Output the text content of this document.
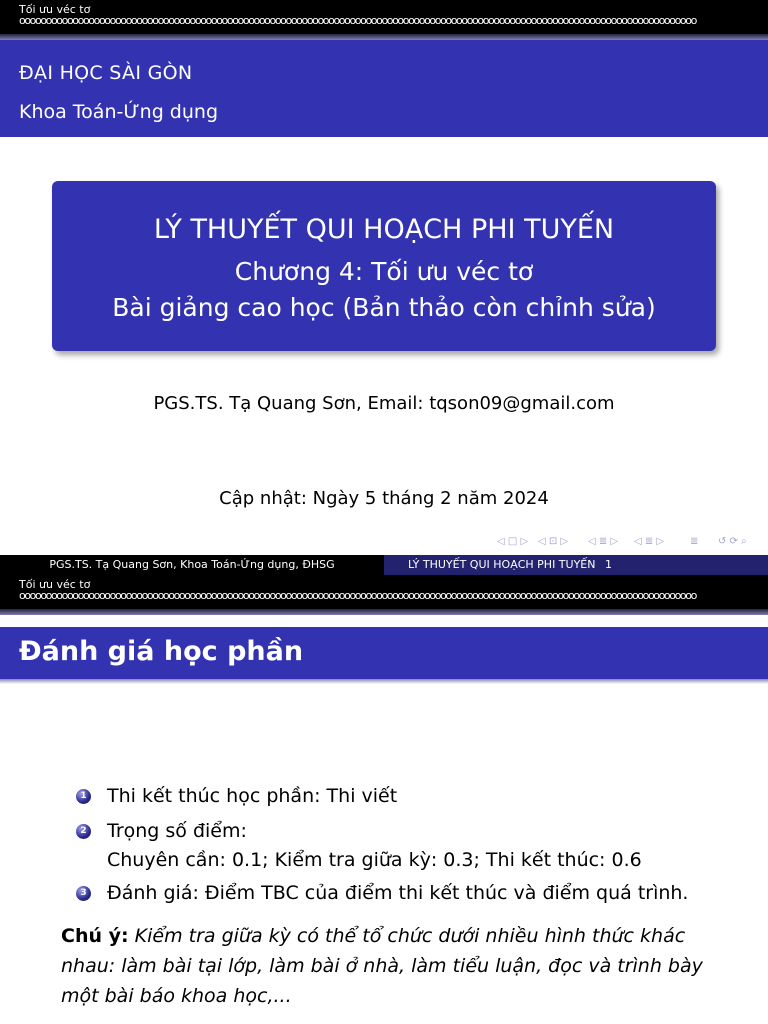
Tối ưu véc tơ
ooooooooooooooooooooooooooooooooooooooooooooooooooooooooooooooooooooooooooooooooooooooooooooooooooooooooooooooooooooooooooooooo
ĐẠI HỌC SÀI GÒN
Khoa Toán-Ứng dụng
LÝ THUYẾT QUI HOẠCH PHI TUYẾN
Chương 4: Tối ưu véc tơ
Bài giảng cao học (Bản thảo còn chỉnh sửa)
PGS.TS. Tạ Quang Sơn, Email: tqson09@gmail.com
Cập nhật: Ngày 5 tháng 2 năm 2024
◁ □ ▷ ◁ ⊡ ▷ ◁ ≣ ▷ ◁ ≣ ▷	≣ ↺ ⟳ ⌕
PGS.TS. Tạ Quang Sơn, Khoa Toán-Ứng dụng, ĐHSG	LÝ THUYẾT QUI HOẠCH PHI TUYẾN 1
Tối ưu véc tơ
ooooooooooooooooooooooooooooooooooooooooooooooooooooooooooooooooooooooooooooooooooooooooooooooooooooooooooooooooooooooooooooooo
Đánh giá học phần
1 Thi kết thúc học phần: Thi viết
2 Trọng số điểm:
Chuyên cần: 0.1; Kiểm tra giữa kỳ: 0.3; Thi kết thúc: 0.6
3 Đánh giá: Điểm TBC của điểm thi kết thúc và điểm quá trình.
Chú ý: Kiểm tra giữa kỳ có thể tổ chức dưới nhiều hình thức khác nhau: làm bài tại lớp, làm bài ở nhà, làm tiểu luận, đọc và trình bày một bài báo khoa học,...
